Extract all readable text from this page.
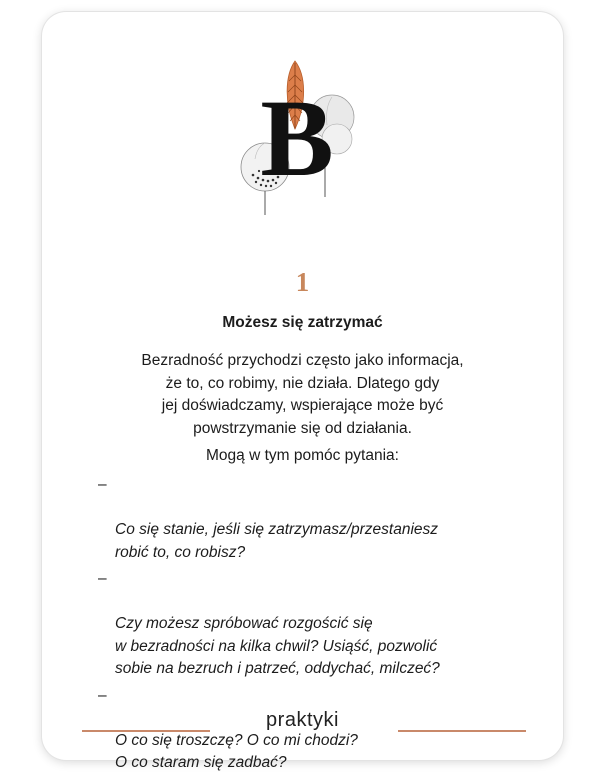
B
1
Możesz się zatrzymać
Bezradność przychodzi często jako informacja,
że to, co robimy, nie działa. Dlatego gdy
jej doświadczamy, wspierające może być
powstrzymanie się od działania.
Mogą w tym pomóc pytania:

–

Co się stanie, jeśli się zatrzymasz/przestaniesz
robić to, co robisz?

–

Czy możesz spróbować rozgościć się
w bezradności na kilka chwil? Usiąść, pozwolić
sobie na bezruch i patrzeć, oddychać, milczeć?

–

O co się troszczę? O co mi chodzi?
O co staram się zadbać?

praktyki
